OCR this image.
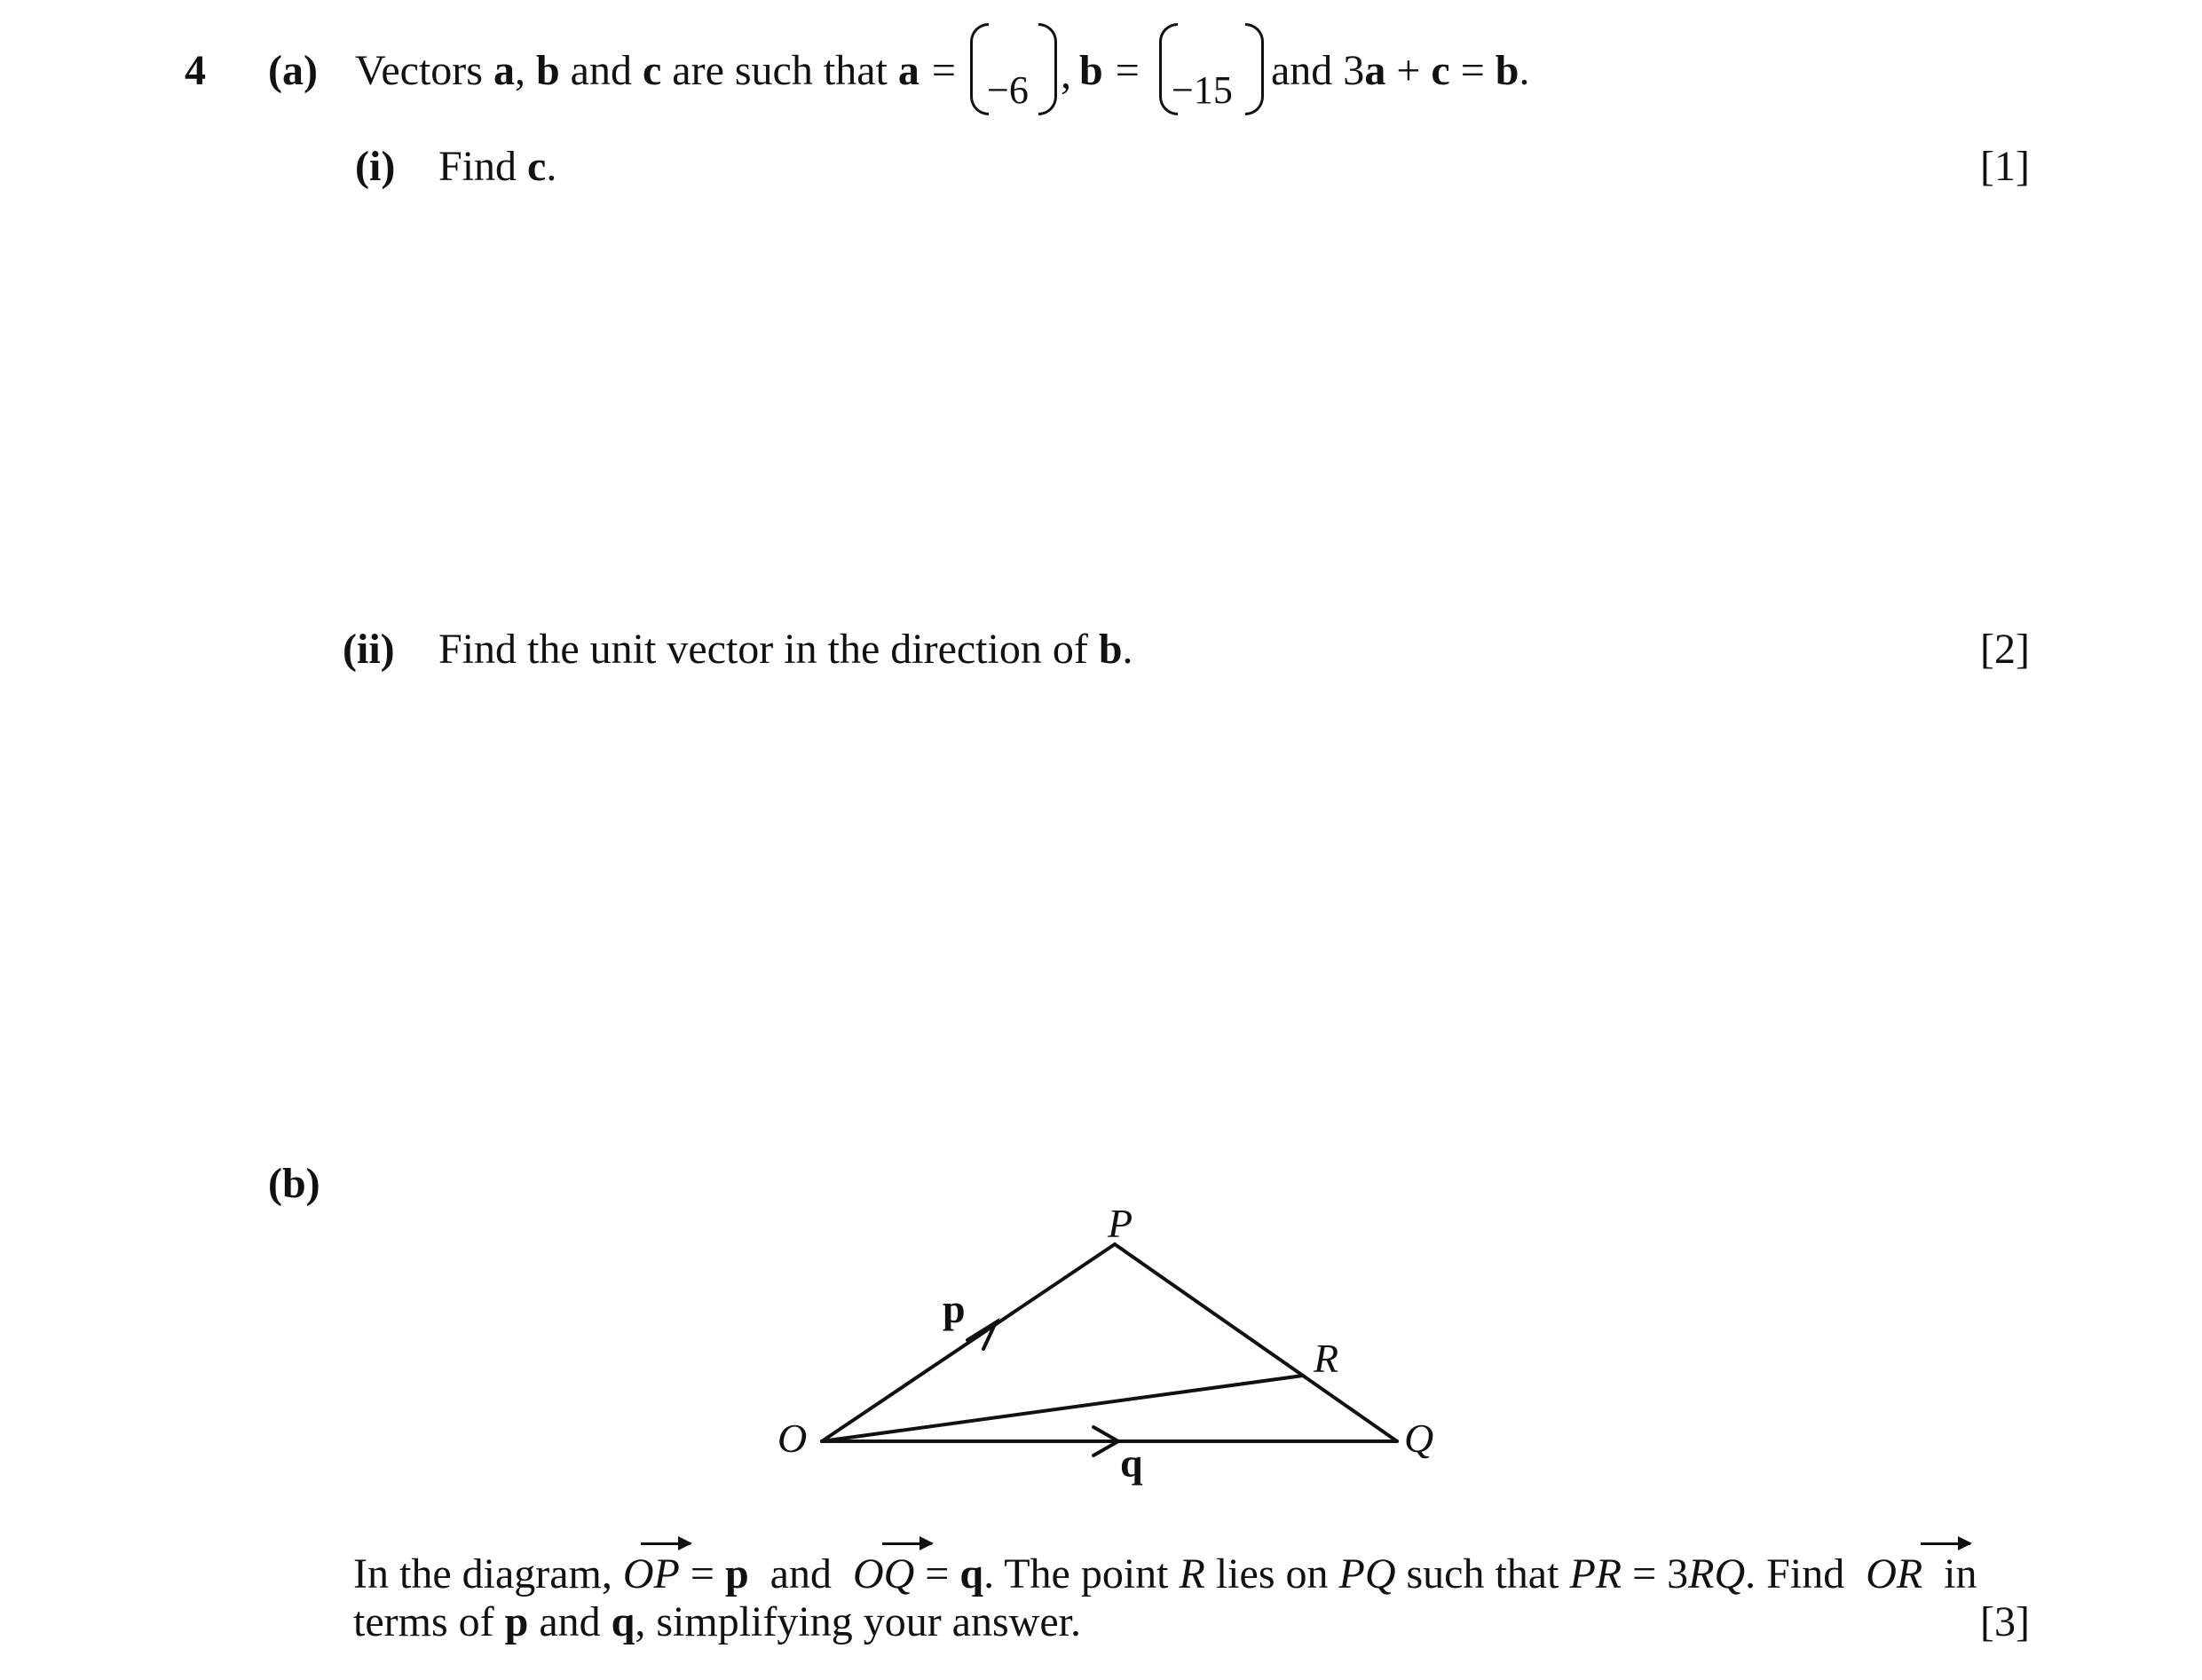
4 (a) Vectors a, b and c are such that a = −6 , b = −15 and 3a + c = b.
(i) Find c.	[1]
(ii) Find the unit vector in the direction of b.	[2]
(b)
P
O	Q
R
p
q
In the diagram, OP = p  and  OQ = q. The point R lies on PQ such that PR = 3RQ. Find  OR  in
terms of p and q, simplifying your answer.	[3]
